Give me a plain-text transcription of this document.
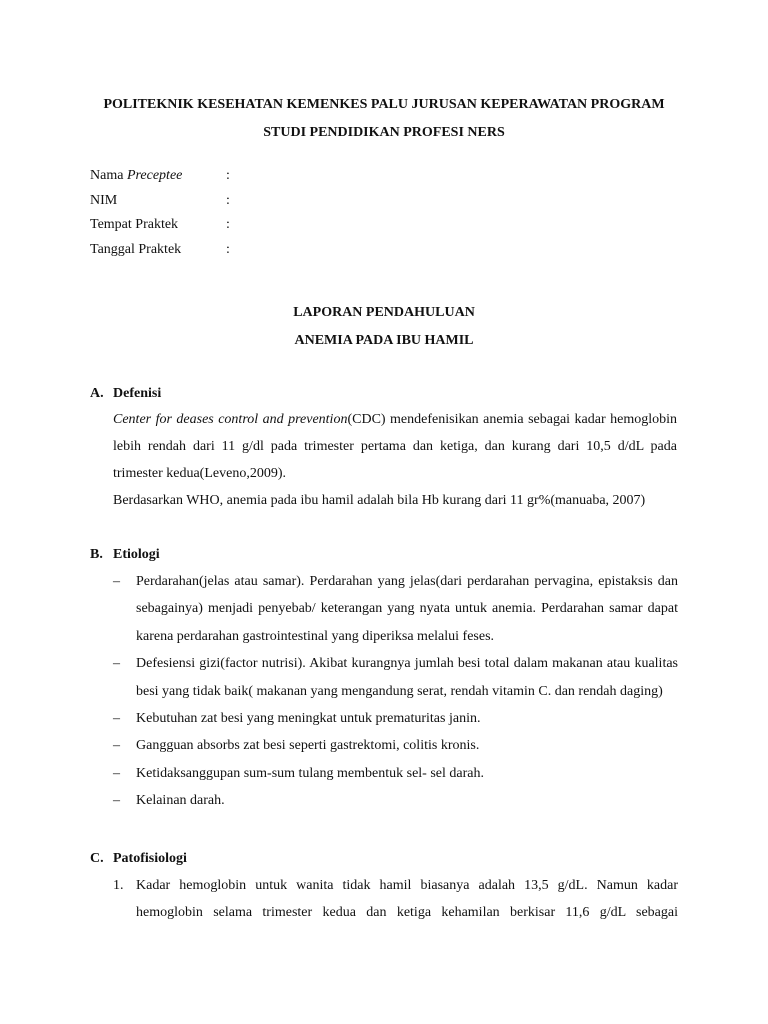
POLITEKNIK KESEHATAN KEMENKES PALU JURUSAN KEPERAWATAN PROGRAM
STUDI PENDIDIKAN PROFESI NERS
Nama Preceptee	:
NIM	:
Tempat Praktek	:
Tanggal Praktek	:
LAPORAN PENDAHULUAN
ANEMIA PADA IBU HAMIL
A. Defenisi

Center for deases control and prevention(CDC) mendefenisikan anemia sebagai kadar hemoglobin lebih rendah dari 11 g/dl pada trimester pertama dan ketiga, dan kurang dari 10,5 d/dL pada trimester kedua(Leveno,2009).

Berdasarkan WHO, anemia pada ibu hamil adalah bila Hb kurang dari 11 gr%(manuaba, 2007)

B. Etiologi

– Perdarahan(jelas atau samar). Perdarahan yang jelas(dari perdarahan pervagina, epistaksis dan sebagainya) menjadi penyebab/ keterangan yang nyata untuk anemia. Perdarahan samar dapat karena perdarahan gastrointestinal yang diperiksa melalui feses.

– Defesiensi gizi(factor nutrisi). Akibat kurangnya jumlah besi total dalam makanan atau kualitas besi yang tidak baik( makanan yang mengandung serat, rendah vitamin C. dan rendah daging)

– Kebutuhan zat besi yang meningkat untuk prematuritas janin.

– Gangguan absorbs zat besi seperti gastrektomi, colitis kronis.

– Ketidaksanggupan sum-sum tulang membentuk sel- sel darah.

– Kelainan darah.

C. Patofisiologi

1. Kadar hemoglobin untuk wanita tidak hamil biasanya adalah 13,5 g/dL. Namun kadar hemoglobin selama trimester kedua dan ketiga kehamilan berkisar 11,6 g/dL sebagai
